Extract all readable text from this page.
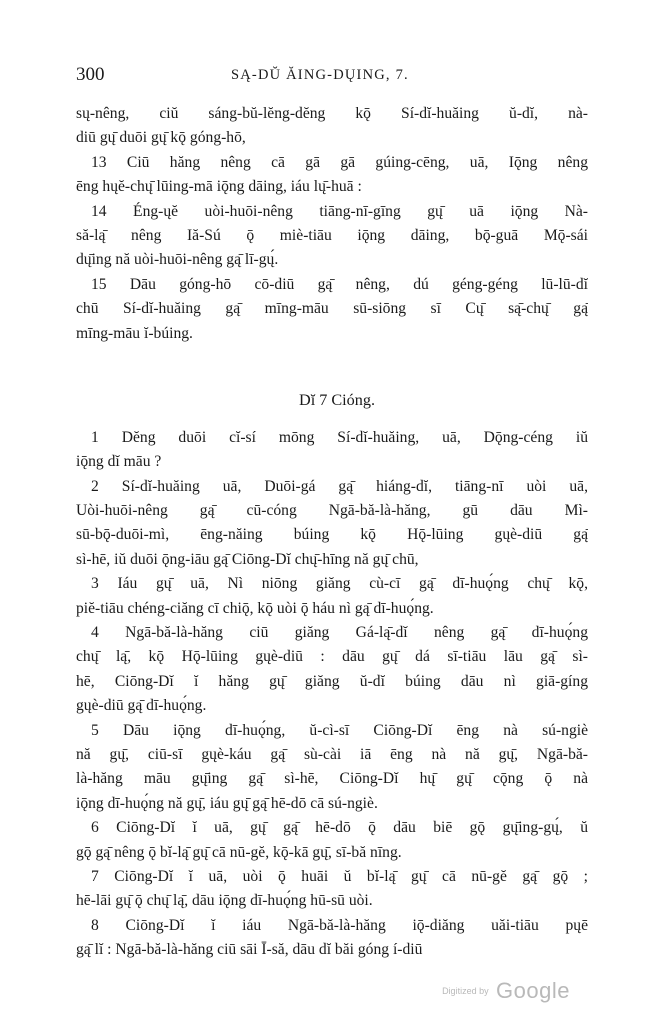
300	SĄ-DŬ ĂING-DŲING, 7.
sų-nêng, ciŭ sáng-bŭ-lĕng-dĕng kǭ Sí-dĭ-huăing ŭ-dĭ, nà-
diū gų̄ duōi gų̄ kǭ góng-hō,
13 Ciū hăng nêng cā gā gā gúing-cēng, uā, Iǭng nêng
ēng hųĕ-chų̄ lūing-mā iǭng dāing, iáu lų̄-huā :
14 Éng-ųĕ uòi-huōi-nêng tiāng-nī-gīng gų̄ uā iǭng Nà-
să-lą̄ nêng Iă-Sú ǭ miè-tiāu iǭng dāing, bǭ-guā Mǭ-sái
dų̄ing nă uòi-huōi-nêng gą̄ lī-gų́.
15 Dāu góng-hō cō-diū gą̄ nêng, dú géng-géng lū-lū-dĭ
chū Sí-dĭ-huăing gą̄ mīng-māu sū-siōng sī Cų̄ są̄-chų̄ gą̄
mīng-māu ĭ-búing.
Dĭ 7 Cióng.
1 Dĕng duōi cĭ-sí mōng Sí-dĭ-huăing, uā, Dǭng-céng iŭ
iǭng dĭ māu ?
2 Sí-dĭ-huăing uā, Duōi-gá gą̄ hiáng-dĭ, tiāng-nī uòi uā,
Uòi-huōi-nêng gą̄ cū-cóng Ngā-bă-là-hăng, gū dāu Mì-
sū-bǭ-duōi-mì, ēng-năing búing kǭ Hǭ-lūing gųè-diū gą̄
sì-hē, iŭ duōi ǭng-iāu gą̄ Ciōng-Dĭ chų̄-hīng nă gų̄ chū,
3 Iáu gų̄ uā, Nì niōng giăng cù-cī gą̄ dī-huǫ́ng chų̄ kǭ,
piĕ-tiāu chéng-ciăng cī chiǭ, kǭ uòi ǭ háu nì gą̄ dī-huǫ́ng.
4 Ngā-bă-là-hăng ciū giăng Gá-lą̄-dĭ nêng gą̄ dī-huǫ́ng
chų̄ lą̄, kǭ Hǭ-lūing gųè-diū : dāu gų̄ dá sī-tiāu lāu gą̄ sì-
hē, Ciōng-Dĭ ĭ hăng gų̄ giăng ŭ-dĭ búing dāu nì giā-gíng
gųè-diū gą̄ dī-huǫ́ng.
5 Dāu iǭng dī-huǫ́ng, ŭ-cì-sī Ciōng-Dĭ ēng nà sú-ngiè
nă gų̄, ciū-sī gųè-káu gą̄ sù-cài iā ēng nà nă gų̄, Ngā-bă-
là-hăng māu gų̄ing gą̄ sì-hē, Ciōng-Dĭ hų̄ gų̄ cǭng ǭ nà
iǭng dī-huǫ́ng nă gų̄, iáu gų̄ gą̄ hē-dō cā sú-ngiè.
6 Ciōng-Dĭ ĭ uā, gų̄ gą̄ hē-dō ǭ dāu biē gǭ gų̄ing-gų́, ŭ
gǭ gą̄ nêng ǭ bĭ-lą̄ gų̄ cā nū-gĕ, kǭ-kā gų̄, sī-bă nīng.
7 Ciōng-Dĭ ĭ uā, uòi ǭ huāi ŭ bĭ-lą̄ gų̄ cā nū-gĕ gą̄ gǭ ;
hē-lāi gų̄ ǭ chų̄ lą̄, dāu iǭng dī-huǫ́ng hū-sū uòi.
8 Ciōng-Dĭ ĭ iáu Ngā-bă-là-hăng iǭ-diăng uăi-tiāu pųē
gą̄ lĭ : Ngā-bă-là-hăng ciū sāi Ī-să, dāu dĭ băi góng í-diū
Digitized by Google
